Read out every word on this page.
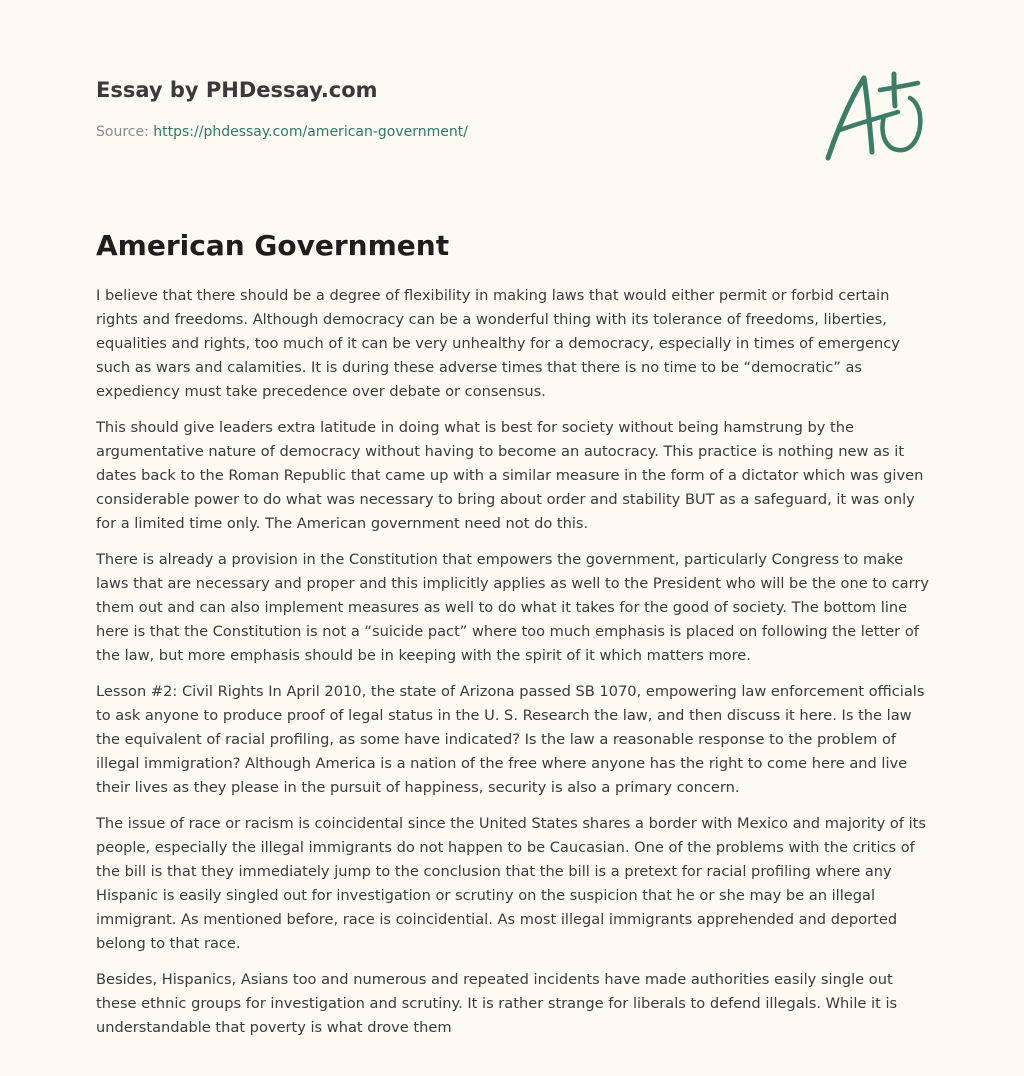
Essay by PHDessay.com
Source: https://phdessay.com/american-government/
American Government

I believe that there should be a degree of flexibility in making laws that would either permit or forbid certain rights and freedoms. Although democracy can be a wonderful thing with its tolerance of freedoms, liberties, equalities and rights, too much of it can be very unhealthy for a democracy, especially in times of emergency such as wars and calamities. It is during these adverse times that there is no time to be “democratic” as expediency must take precedence over debate or consensus.

This should give leaders extra latitude in doing what is best for society without being hamstrung by the argumentative nature of democracy without having to become an autocracy. This practice is nothing new as it dates back to the Roman Republic that came up with a similar measure in the form of a dictator which was given considerable power to do what was necessary to bring about order and stability BUT as a safeguard, it was only for a limited time only. The American government need not do this.

There is already a provision in the Constitution that empowers the government, particularly Congress to make laws that are necessary and proper and this implicitly applies as well to the President who will be the one to carry them out and can also implement measures as well to do what it takes for the good of society. The bottom line here is that the Constitution is not a “suicide pact” where too much emphasis is placed on following the letter of the law, but more emphasis should be in keeping with the spirit of it which matters more.

Lesson #2: Civil Rights In April 2010, the state of Arizona passed SB 1070, empowering law enforcement officials to ask anyone to produce proof of legal status in the U. S. Research the law, and then discuss it here. Is the law the equivalent of racial profiling, as some have indicated? Is the law a reasonable response to the problem of illegal immigration? Although America is a nation of the free where anyone has the right to come here and live their lives as they please in the pursuit of happiness, security is also a primary concern.

The issue of race or racism is coincidental since the United States shares a border with Mexico and majority of its people, especially the illegal immigrants do not happen to be Caucasian. One of the problems with the critics of the bill is that they immediately jump to the conclusion that the bill is a pretext for racial profiling where any Hispanic is easily singled out for investigation or scrutiny on the suspicion that he or she may be an illegal immigrant. As mentioned before, race is coincidential. As most illegal immigrants apprehended and deported belong to that race.

Besides, Hispanics, Asians too and numerous and repeated incidents have made authorities easily single out these ethnic groups for investigation and scrutiny. It is rather strange for liberals to defend illegals. While it is understandable that poverty is what drove them
